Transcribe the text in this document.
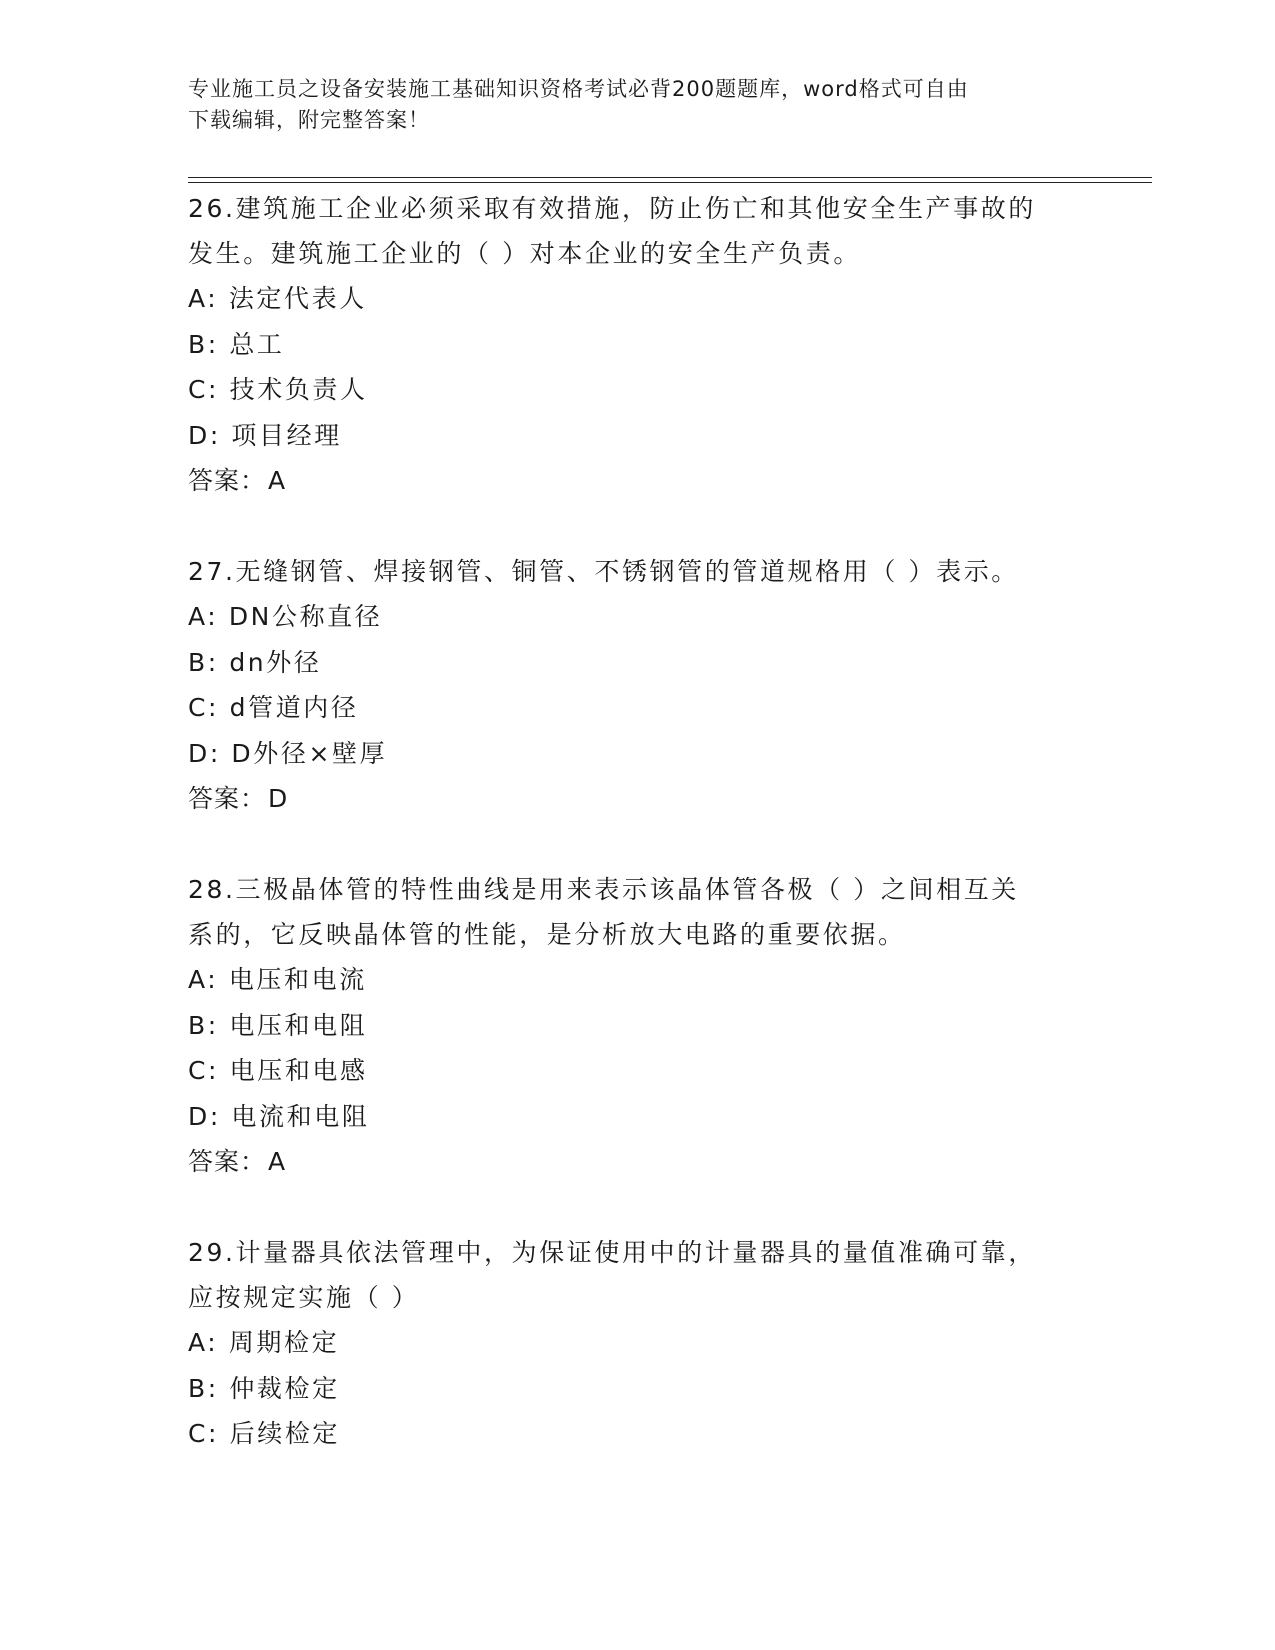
专业施工员之设备安装施工基础知识资格考试必背200题题库，word格式可自由
下载编辑，附完整答案！
26.建筑施工企业必须采取有效措施，防止伤亡和其他安全生产事故的
发生。建筑施工企业的（ ）对本企业的安全生产负责。
A: 法定代表人
B: 总工
C: 技术负责人
D: 项目经理
答案：A
27.无缝钢管、焊接钢管、铜管、不锈钢管的管道规格用（ ）表示。
A: DN公称直径
B: dn外径
C: d管道内径
D: D外径×壁厚
答案：D
28.三极晶体管的特性曲线是用来表示该晶体管各极（ ）之间相互关
系的，它反映晶体管的性能，是分析放大电路的重要依据。
A: 电压和电流
B: 电压和电阻
C: 电压和电感
D: 电流和电阻
答案：A
29.计量器具依法管理中，为保证使用中的计量器具的量值准确可靠，
应按规定实施（ ）
A: 周期检定
B: 仲裁检定
C: 后续检定
